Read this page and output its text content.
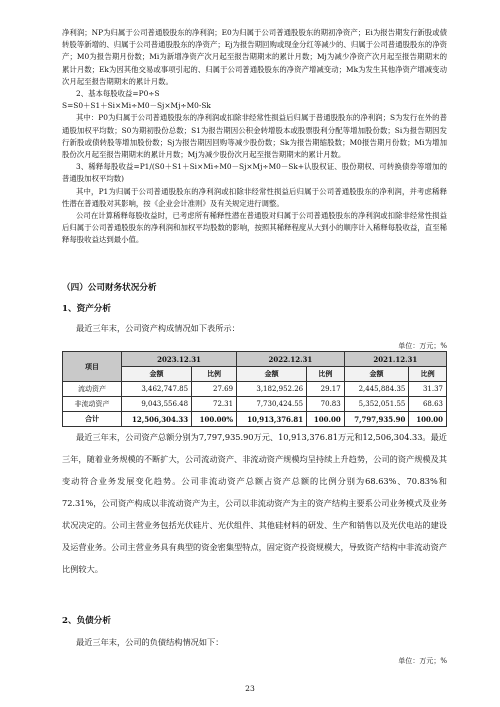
净利润；NP为归属于公司普通股股东的净利润；E0为归属于公司普通股股东的期初净资产；Ei为报告期发行新股或债转股等新增的、归属于公司普通股股东的净资产；Ej为报告期回购或现金分红等减少的、归属于公司普通股股东的净资产；M0为报告期月份数；Mi为新增净资产次月起至报告期期末的累计月数；Mj为减少净资产次月起至报告期期末的累计月数；Ek为因其他交易或事项引起的、归属于公司普通股股东的净资产增减变动；Mk为发生其他净资产增减变动次月起至报告期期末的累计月数。

2、基本每股收益=P0÷S

S=S0＋S1＋Si×Mi÷M0－Sj×Mj÷M0-Sk

其中：P0为归属于公司普通股股东的净利润或扣除非经常性损益后归属于普通股股东的净利润；S为发行在外的普通股加权平均数；S0为期初股份总数；S1为报告期因公积金转增股本或股票股利分配等增加股份数；Si为报告期因发行新股或债转股等增加股份数；Sj为报告期因回购等减少股份数；Sk为报告期缩股数；M0报告期月份数；Mi为增加股份次月起至报告期期末的累计月数；Mj为减少股份次月起至报告期期末的累计月数。

3、稀释每股收益=P1/(S0＋S1＋Si×Mi÷M0－Sj×Mj÷M0－Sk+认股权证、股份期权、可转换债券等增加的普通股加权平均数)

其中，P1为归属于公司普通股股东的净利润或扣除非经常性损益后归属于公司普通股股东的净利润，并考虑稀释性潜在普通股对其影响，按《企业会计准则》及有关规定进行调整。

公司在计算稀释每股收益时，已考虑所有稀释性潜在普通股对归属于公司普通股股东的净利润或扣除非经常性损益后归属于公司普通股股东的净利润和加权平均股数的影响，按照其稀释程度从大到小的顺序计入稀释每股收益，直至稀释每股收益达到最小值。

（四）公司财务状况分析
1、资产分析
最近三年末，公司资产构成情况如下表所示：
单位：万元；%
项目	2023.12.31		2022.12.31		2021.12.31	
	金额	比例	金额	比例	金额	比例
流动资产	3,462,747.85	27.69	3,182,952.26	29.17	2,445,884.35	31.37
非流动资产	9,043,556.48	72.31	7,730,424.55	70.83	5,352,051.55	68.63
合计	12,506,304.33	100.00%	10,913,376.81	100.00	7,797,935.90	100.00

最近三年末，公司资产总额分别为7,797,935.90万元、10,913,376.81万元和12,506,304.33。最近三年，随着业务规模的不断扩大，公司流动资产、非流动资产规模均呈持续上升趋势，公司的资产规模及其变动符合业务发展变化趋势。公司非流动资产总额占资产总额的比例分别为68.63%、70.83%和72.31%，公司资产构成以非流动资产为主，公司以非流动资产为主的资产结构主要系公司业务模式及业务状况决定的。公司主营业务包括光伏硅片、光伏组件、其他硅材料的研发、生产和销售以及光伏电站的建设及运营业务。公司主营业务具有典型的资金密集型特点，固定资产投资规模大，导致资产结构中非流动资产比例较大。

2、负债分析
最近三年末，公司的负债结构情况如下：
单位：万元；%
23
